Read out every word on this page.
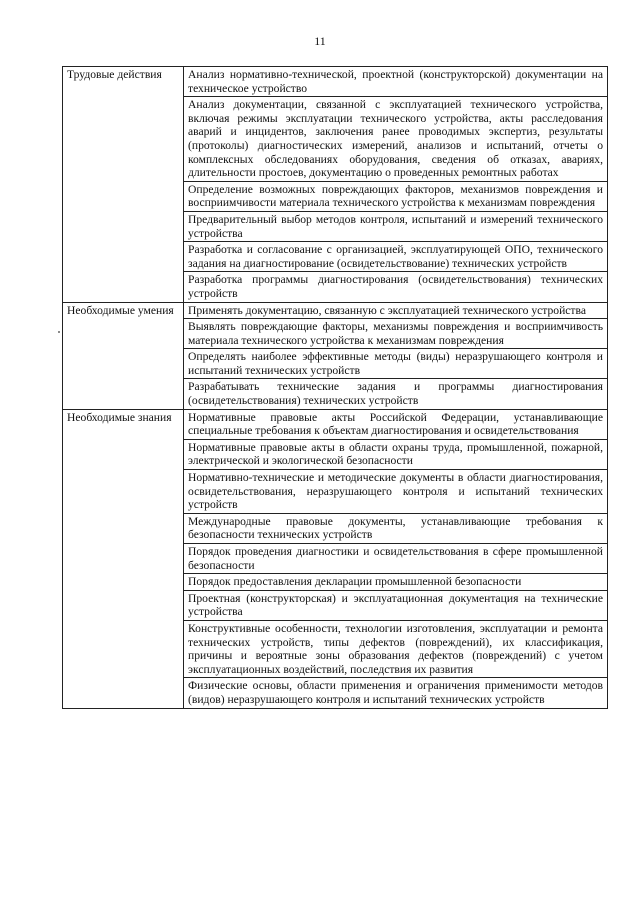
11
Трудовые действия	Анализ нормативно-технической, проектной (конструкторской) документации на техническое устройство
	Анализ документации, связанной с эксплуатацией технического устройства, включая режимы эксплуатации технического устройства, акты расследования аварий и инцидентов, заключения ранее проводимых экспертиз, результаты (протоколы) диагностических измерений, анализов и испытаний, отчеты о комплексных обследованиях оборудования, сведения об отказах, авариях, длительности простоев, документацию о проведенных ремонтных работах
	Определение возможных повреждающих факторов, механизмов повреждения и восприимчивости материала технического устройства к механизмам повреждения
	Предварительный выбор методов контроля, испытаний и измерений технического устройства
	Разработка и согласование с организацией, эксплуатирующей ОПО, технического задания на диагностирование (освидетельствование) технических устройств
	Разработка программы диагностирования (освидетельствования) технических устройств
Необходимые умения	Применять документацию, связанную с эксплуатацией технического устройства
	Выявлять повреждающие факторы, механизмы повреждения и восприимчивость материала технического устройства к механизмам повреждения
	Определять наиболее эффективные методы (виды) неразрушающего контроля и испытаний технических устройств
	Разрабатывать технические задания и программы диагностирования (освидетельствования) технических устройств
Необходимые знания	Нормативные правовые акты Российской Федерации, устанавливающие специальные требования к объектам диагностирования и освидетельствования
	Нормативные правовые акты в области охраны труда, промышленной, пожарной, электрической и экологической безопасности
	Нормативно-технические и методические документы в области диагностирования, освидетельствования, неразрушающего контроля и испытаний технических устройств
	Международные правовые документы, устанавливающие требования к безопасности технических устройств
	Порядок проведения диагностики и освидетельствования в сфере промышленной безопасности
	Порядок предоставления декларации промышленной безопасности
	Проектная (конструкторская) и эксплуатационная документация на технические устройства
	Конструктивные особенности, технологии изготовления, эксплуатации и ремонта технических устройств, типы дефектов (повреждений), их классификация, причины и вероятные зоны образования дефектов (повреждений) с учетом эксплуатационных воздействий, последствия их развития
	Физические основы, области применения и ограничения применимости методов (видов) неразрушающего контроля и испытаний технических устройств
